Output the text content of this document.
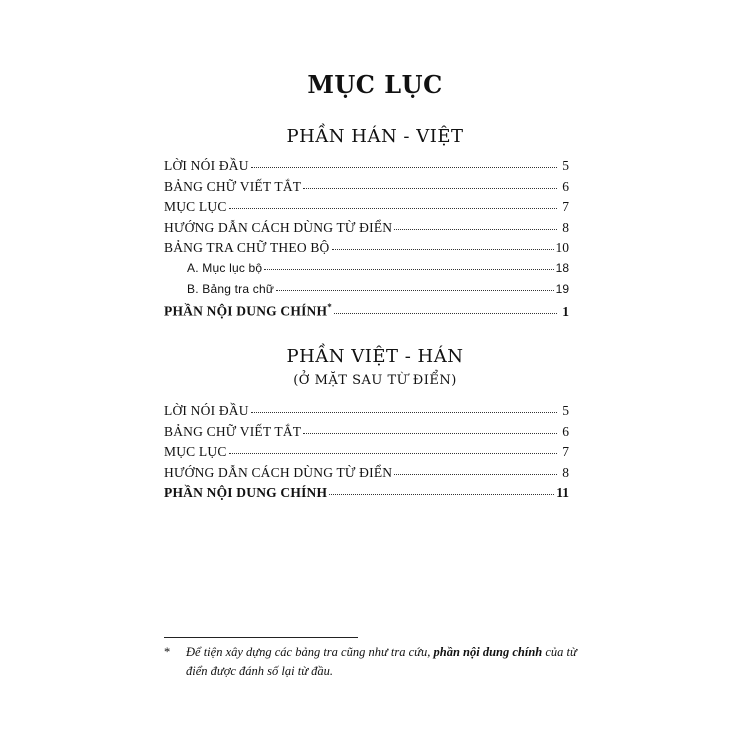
MỤC LỤC
PHẦN HÁN - VIỆT
LỜI NÓI ĐẦU	5
BẢNG CHỮ VIẾT TẮT	6
MỤC LỤC	7
HƯỚNG DẪN CÁCH DÙNG TỪ ĐIỂN	8
BẢNG TRA CHỮ THEO BỘ	10
A. Mục lục bộ	18
B. Bảng tra chữ	19
PHẦN NỘI DUNG CHÍNH*	1
PHẦN VIỆT - HÁN
(Ở MẶT SAU TỪ ĐIỂN)
LỜI NÓI ĐẦU	5
BẢNG CHỮ VIẾT TẮT	6
MỤC LỤC	7
HƯỚNG DẪN CÁCH DÙNG TỪ ĐIỂN	8
PHẦN NỘI DUNG CHÍNH	11
* Để tiện xây dựng các bảng tra cũng như tra cứu, phần nội dung chính của từ điển được đánh số lại từ đầu.
